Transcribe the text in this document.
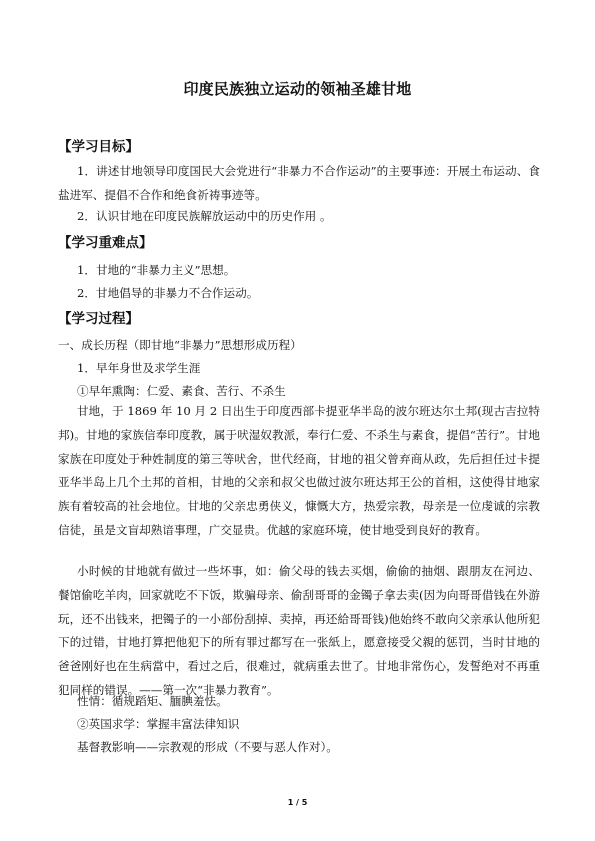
印度民族独立运动的领袖圣雄甘地
【学习目标】
1．讲述甘地领导印度国民大会党进行“非暴力不合作运动”的主要事迹：开展土布运动、食盐进军、提倡不合作和绝食祈祷事迹等。
2．认识甘地在印度民族解放运动中的历史作用 。
【学习重难点】
1．甘地的“非暴力主义”思想。
2．甘地倡导的非暴力不合作运动。
【学习过程】
一、成长历程（即甘地“非暴力”思想形成历程）
1．早年身世及求学生涯
①早年熏陶：仁爱、素食、苦行、不杀生
甘地，于 1869 年 10 月 2 日出生于印度西部卡提亚华半岛的波尔班达尔土邦(现古吉拉特邦)。甘地的家族信奉印度教，属于吠湿奴教派，奉行仁爱、不杀生与素食，提倡“苦行”。甘地家族在印度处于种姓制度的第三等吠舍，世代经商，甘地的祖父曾弃商从政，先后担任过卡提亚华半岛上几个土邦的首相，甘地的父亲和叔父也做过波尔班达邦王公的首相，这使得甘地家族有着较高的社会地位。甘地的父亲忠勇侠义，慷慨大方，热爱宗教，母亲是一位虔诚的宗教信徒，虽是文盲却熟谙事理，广交显贵。优越的家庭环境，使甘地受到良好的教育。
小时候的甘地就有做过一些坏事，如：偷父母的钱去买烟，偷偷的抽烟、跟朋友在河边、餐馆偷吃羊肉，回家就吃不下饭，欺骗母亲、偷刮哥哥的金镯子拿去卖(因为向哥哥借钱在外游玩，还不出钱来，把镯子的一小部份刮掉、卖掉，再还給哥哥钱)他始终不敢向父亲承认他所犯下的过错，甘地打算把他犯下的所有罪过都写在一张紙上，愿意接受父親的惩罚，当时甘地的爸爸刚好也在生病當中，看过之后，很难过，就病重去世了。甘地非常伤心，发誓绝对不再重犯同样的错误。——第一次“非暴力教育”。
性情：循规蹈矩、腼腆羞怯。
②英国求学：掌握丰富法律知识
基督教影响——宗教观的形成（不要与恶人作对）。
1 / 5
